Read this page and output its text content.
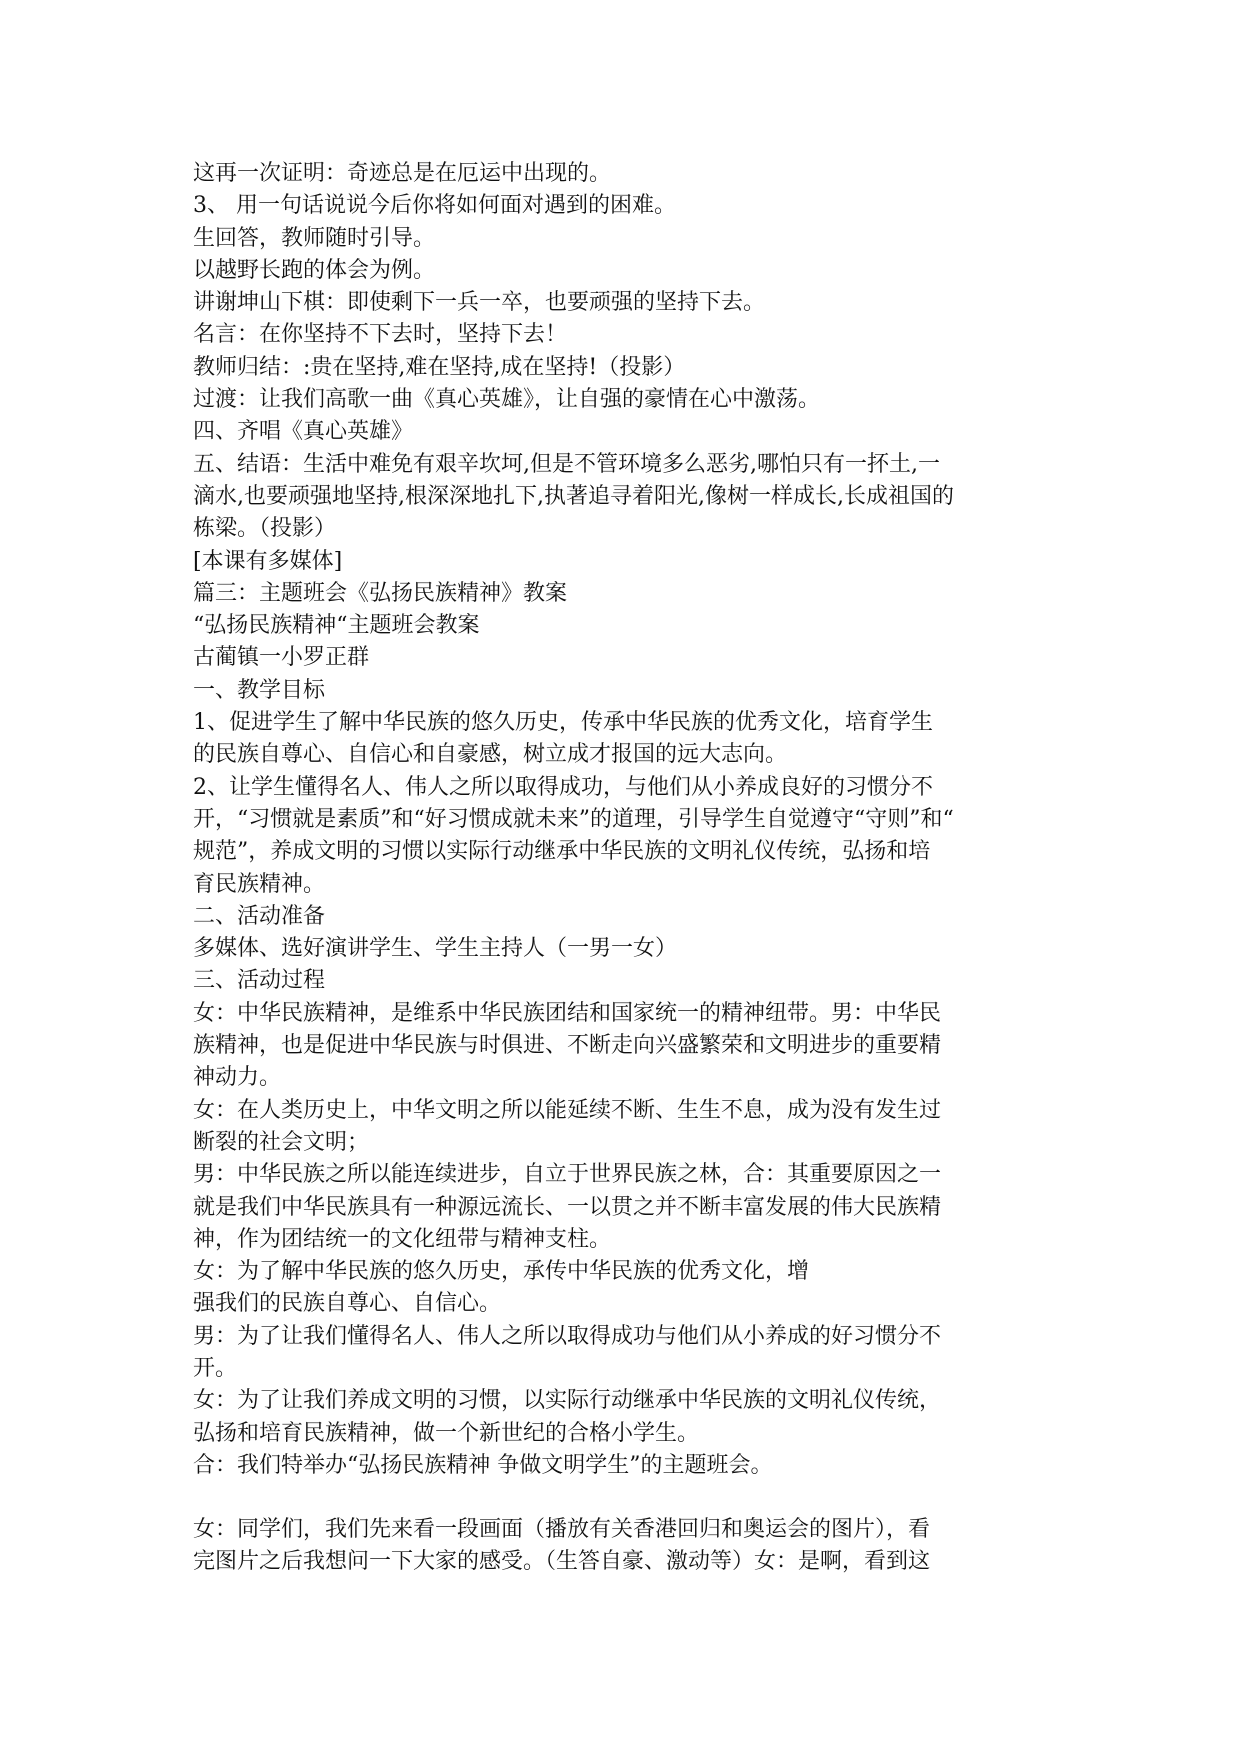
这再一次证明：奇迹总是在厄运中出现的。

3、 用一句话说说今后你将如何面对遇到的困难。

生回答，教师随时引导。

以越野长跑的体会为例。

讲谢坤山下棋：即使剩下一兵一卒，也要顽强的坚持下去。

名言：在你坚持不下去时，坚持下去！

教师归结：:贵在坚持,难在坚持,成在坚持!（投影）

过渡：让我们高歌一曲《真心英雄》，让自强的豪情在心中激荡。

四、齐唱《真心英雄》

五、结语：生活中难免有艰辛坎坷,但是不管环境多么恶劣,哪怕只有一抔土,一

滴水,也要顽强地坚持,根深深地扎下,执著追寻着阳光,像树一样成长,长成祖国的

栋梁。（投影）

[本课有多媒体]

篇三：主题班会《弘扬民族精神》教案

“弘扬民族精神“主题班会教案

古蔺镇一小罗正群

一、教学目标

1、促进学生了解中华民族的悠久历史，传承中华民族的优秀文化，培育学生

的民族自尊心、自信心和自豪感，树立成才报国的远大志向。

2、让学生懂得名人、伟人之所以取得成功，与他们从小养成良好的习惯分不

开，“习惯就是素质”和“好习惯成就未来”的道理，引导学生自觉遵守“守则”和“

规范”，养成文明的习惯以实际行动继承中华民族的文明礼仪传统，弘扬和培

育民族精神。

二、活动准备

多媒体、选好演讲学生、学生主持人（一男一女）

三、活动过程

女：中华民族精神，是维系中华民族团结和国家统一的精神纽带。男：中华民

族精神，也是促进中华民族与时俱进、不断走向兴盛繁荣和文明进步的重要精

神动力。

女：在人类历史上，中华文明之所以能延续不断、生生不息，成为没有发生过

断裂的社会文明；

男：中华民族之所以能连续进步，自立于世界民族之林，合：其重要原因之一

就是我们中华民族具有一种源远流长、一以贯之并不断丰富发展的伟大民族精

神，作为团结统一的文化纽带与精神支柱。

女：为了解中华民族的悠久历史，承传中华民族的优秀文化，增

强我们的民族自尊心、自信心。

男：为了让我们懂得名人、伟人之所以取得成功与他们从小养成的好习惯分不

开。

女：为了让我们养成文明的习惯，以实际行动继承中华民族的文明礼仪传统，

弘扬和培育民族精神，做一个新世纪的合格小学生。

合：我们特举办“弘扬民族精神 争做文明学生”的主题班会。

女：同学们，我们先来看一段画面（播放有关香港回归和奥运会的图片），看

完图片之后我想问一下大家的感受。（生答自豪、激动等）女：是啊，看到这
